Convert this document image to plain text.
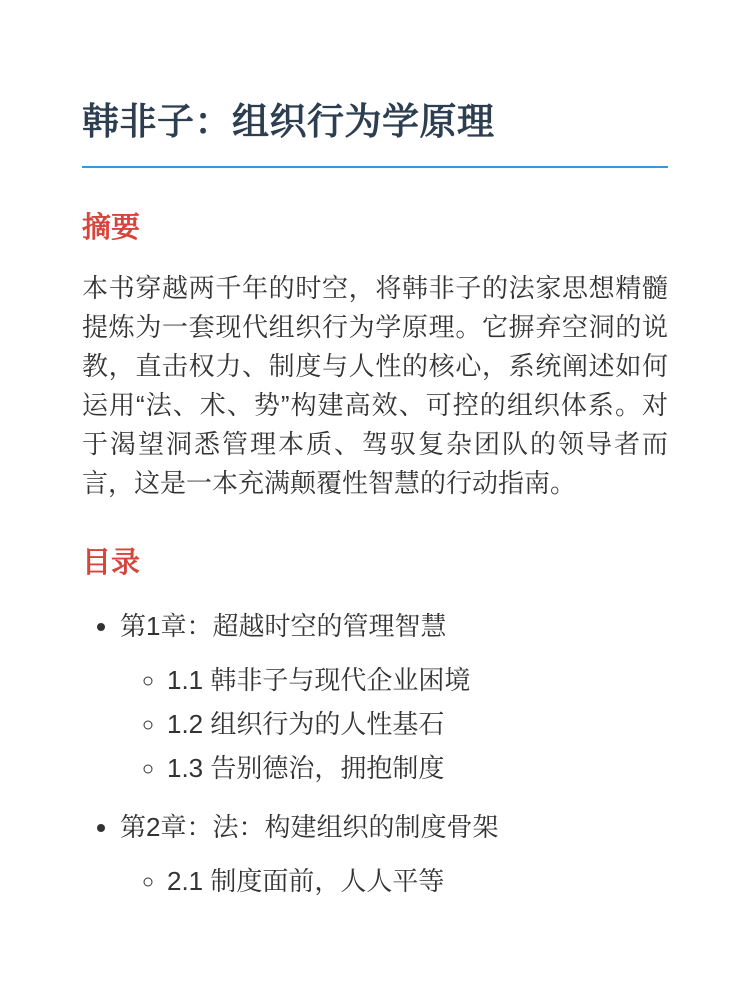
韩非子：组织行为学原理
摘要

本书穿越两千年的时空，将韩非子的法家思想精髓提炼为一套现代组织行为学原理。它摒弃空洞的说教，直击权力、制度与人性的核心，系统阐述如何运用“法、术、势”构建高效、可控的组织体系。对于渴望洞悉管理本质、驾驭复杂团队的领导者而言，这是一本充满颠覆性智慧的行动指南。

目录
• 第1章：超越时空的管理智慧
◦ 1.1 韩非子与现代企业困境
◦ 1.2 组织行为的人性基石
◦ 1.3 告别德治，拥抱制度
• 第2章：法：构建组织的制度骨架
◦ 2.1 制度面前，人人平等
